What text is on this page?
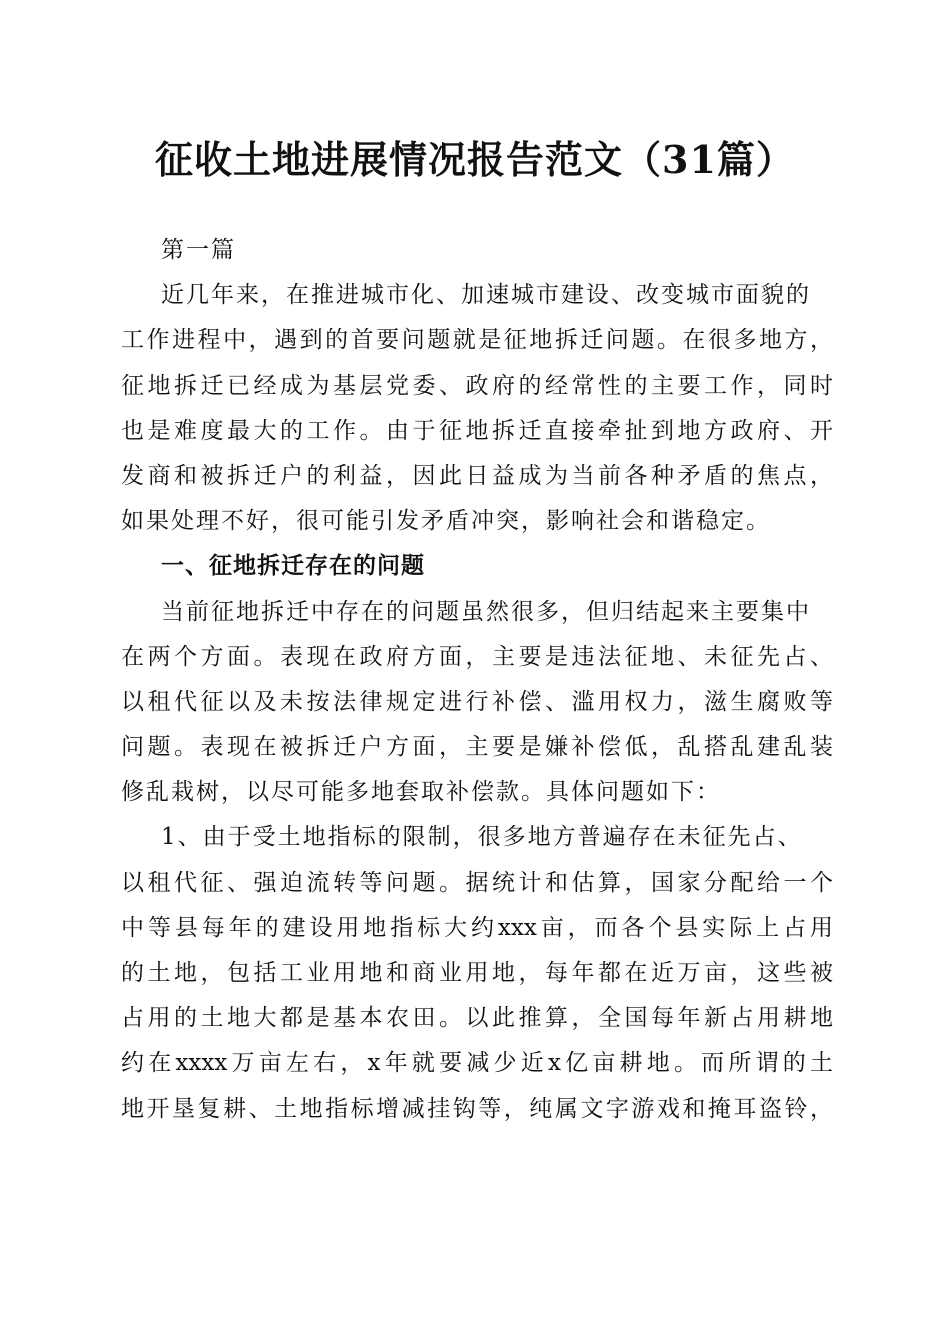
征收土地进展情况报告范文（31篇）
第一篇
近几年来，在推进城市化、加速城市建设、改变城市面貌的
工作进程中，遇到的首要问题就是征地拆迁问题。在很多地方，
征地拆迁已经成为基层党委、政府的经常性的主要工作，同时
也是难度最大的工作。由于征地拆迁直接牵扯到地方政府、开
发商和被拆迁户的利益，因此日益成为当前各种矛盾的焦点，
如果处理不好，很可能引发矛盾冲突，影响社会和谐稳定。
一、征地拆迁存在的问题
当前征地拆迁中存在的问题虽然很多，但归结起来主要集中
在两个方面。表现在政府方面，主要是违法征地、未征先占、
以租代征以及未按法律规定进行补偿、滥用权力，滋生腐败等
问题。表现在被拆迁户方面，主要是嫌补偿低，乱搭乱建乱装
修乱栽树，以尽可能多地套取补偿款。具体问题如下：
1、由于受土地指标的限制，很多地方普遍存在未征先占、
以租代征、强迫流转等问题。据统计和估算，国家分配给一个
中等县每年的建设用地指标大约xxx亩，而各个县实际上占用
的土地，包括工业用地和商业用地，每年都在近万亩，这些被
占用的土地大都是基本农田。以此推算，全国每年新占用耕地
约在xxxx万亩左右，x年就要减少近x亿亩耕地。而所谓的土
地开垦复耕、土地指标增减挂钩等，纯属文字游戏和掩耳盗铃，
